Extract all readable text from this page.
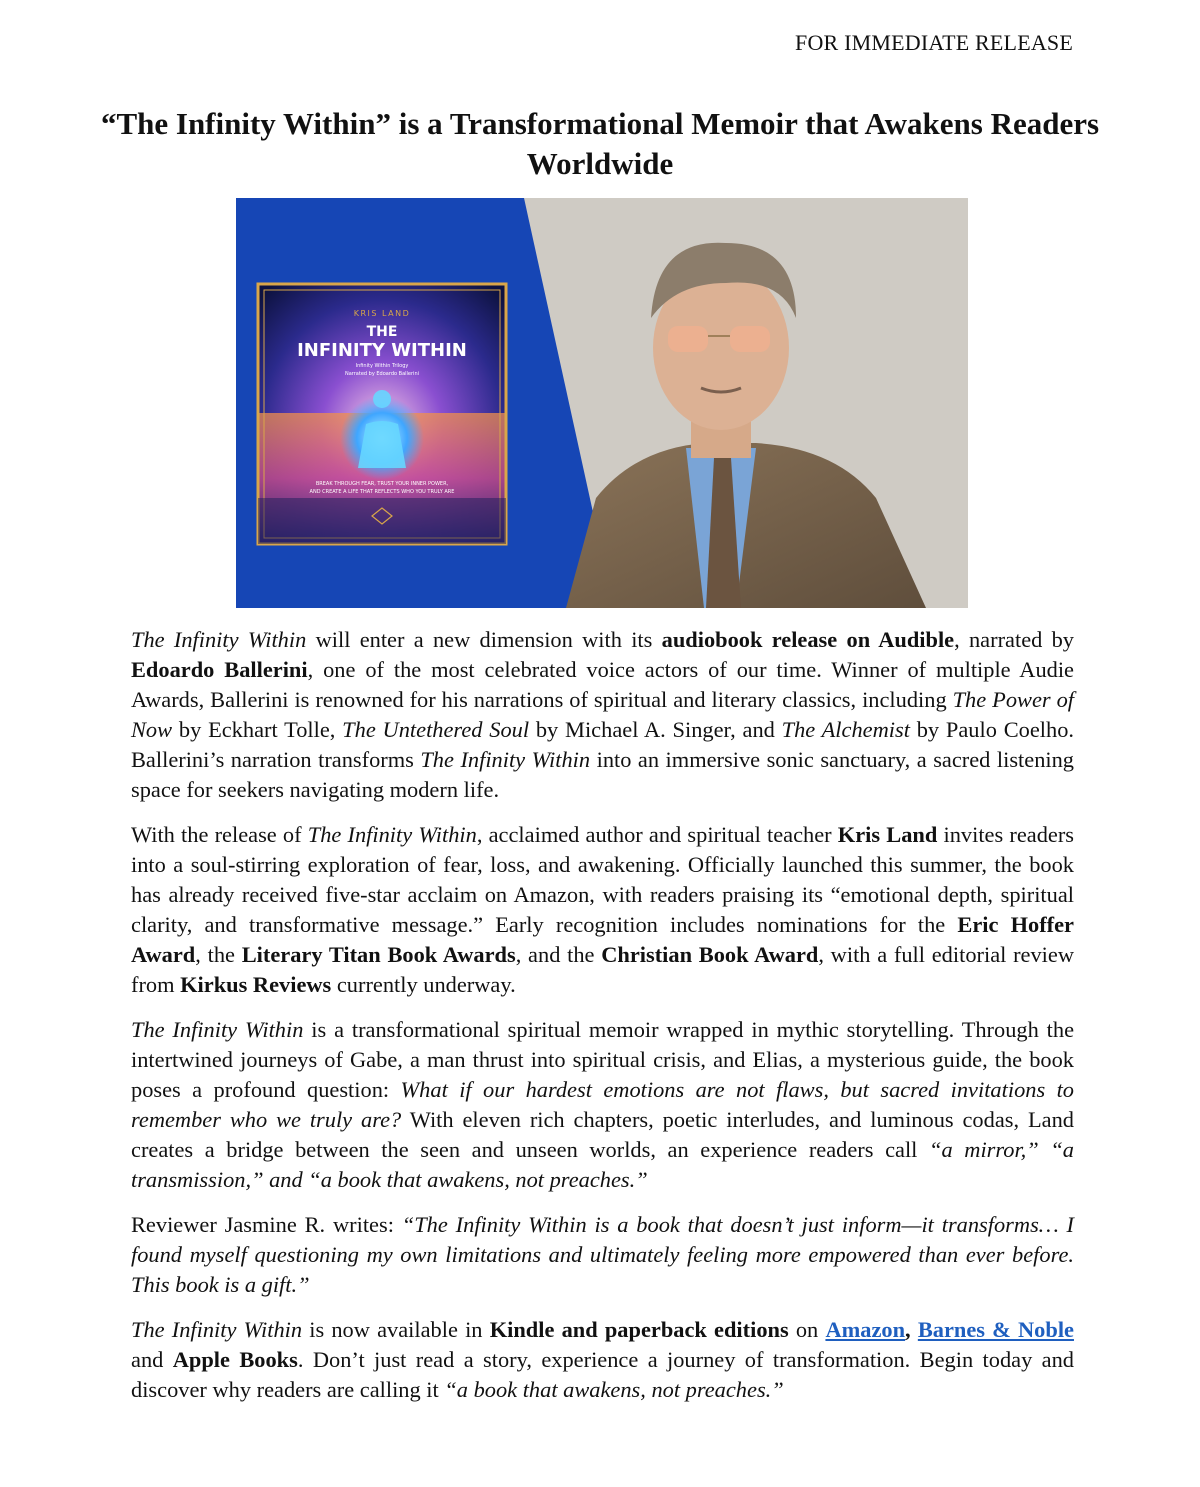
FOR IMMEDIATE RELEASE
“The Infinity Within” is a Transformational Memoir that Awakens Readers Worldwide
KRIS LAND
THE
INFINITY WITHIN
Infinity Within Trilogy
Narrated by Edoardo Ballerini
BREAK THROUGH FEAR, TRUST YOUR INNER POWER,
AND CREATE A LIFE THAT REFLECTS WHO YOU TRULY ARE

The Infinity Within will enter a new dimension with its audiobook release on Audible, narrated by Edoardo Ballerini, one of the most celebrated voice actors of our time. Winner of multiple Audie Awards, Ballerini is renowned for his narrations of spiritual and literary classics, including The Power of Now by Eckhart Tolle, The Untethered Soul by Michael A. Singer, and The Alchemist by Paulo Coelho. Ballerini’s narration transforms The Infinity Within into an immersive sonic sanctuary, a sacred listening space for seekers navigating modern life.

With the release of The Infinity Within, acclaimed author and spiritual teacher Kris Land invites readers into a soul-stirring exploration of fear, loss, and awakening. Officially launched this summer, the book has already received five-star acclaim on Amazon, with readers praising its “emotional depth, spiritual clarity, and transformative message.” Early recognition includes nominations for the Eric Hoffer Award, the Literary Titan Book Awards, and the Christian Book Award, with a full editorial review from Kirkus Reviews currently underway.

The Infinity Within is a transformational spiritual memoir wrapped in mythic storytelling. Through the intertwined journeys of Gabe, a man thrust into spiritual crisis, and Elias, a mysterious guide, the book poses a profound question: What if our hardest emotions are not flaws, but sacred invitations to remember who we truly are? With eleven rich chapters, poetic interludes, and luminous codas, Land creates a bridge between the seen and unseen worlds, an experience readers call “a mirror,” “a transmission,” and “a book that awakens, not preaches.”

Reviewer Jasmine R. writes: “The Infinity Within is a book that doesn’t just inform—it transforms… I found myself questioning my own limitations and ultimately feeling more empowered than ever before. This book is a gift.”

The Infinity Within is now available in Kindle and paperback editions on Amazon, Barnes & Noble and Apple Books. Don’t just read a story, experience a journey of transformation. Begin today and discover why readers are calling it “a book that awakens, not preaches.”
